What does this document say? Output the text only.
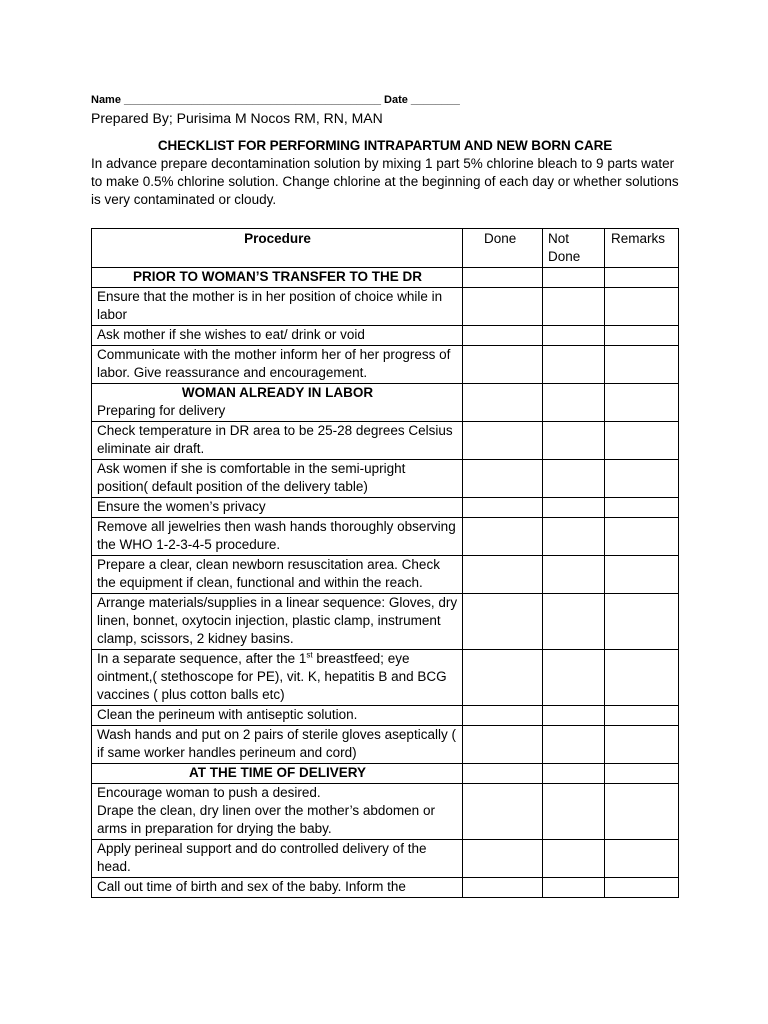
Name __________________________________________ Date ________
Prepared By; Purisima M Nocos RM, RN, MAN
CHECKLIST FOR PERFORMING INTRAPARTUM AND NEW BORN CARE
In advance prepare decontamination solution by mixing 1 part 5% chlorine bleach to 9 parts water to make 0.5% chlorine solution. Change chlorine at the beginning of each day or whether solutions is very contaminated or cloudy.
Procedure	Done	Not Done	Remarks
PRIOR TO WOMAN’S TRANSFER TO THE DR			
Ensure that the mother is in her position of choice while in labor			
Ask mother if she wishes to eat/ drink or void			
Communicate with the mother inform her of her progress of labor. Give reassurance and encouragement.			

WOMAN ALREADY IN LABOR
Preparing for delivery			

Check temperature in DR area to be 25-28 degrees Celsius eliminate air draft.			
Ask women if she is comfortable in the semi-upright position( default position of the delivery table)			
Ensure the women’s privacy			
Remove all jewelries then wash hands thoroughly observing the WHO 1-2-3-4-5 procedure.			
Prepare a clear, clean newborn resuscitation area. Check the equipment if clean, functional and within the reach.			
Arrange materials/supplies in a linear sequence: Gloves, dry linen, bonnet, oxytocin injection, plastic clamp, instrument clamp, scissors, 2 kidney basins.			
In a separate sequence, after the 1st breastfeed; eye ointment,( stethoscope for PE), vit. K, hepatitis B and BCG vaccines ( plus cotton balls etc)			
Clean the perineum with antiseptic solution.			
Wash hands and put on 2 pairs of sterile gloves aseptically ( if same worker handles perineum and cord)			
AT THE TIME OF DELIVERY			

Encourage woman to push a desired.
Drape the clean, dry linen over the mother’s abdomen or arms in preparation for drying the baby.			

Apply perineal support and do controlled delivery of the head.			

Call out time of birth and sex of the baby. Inform the			
